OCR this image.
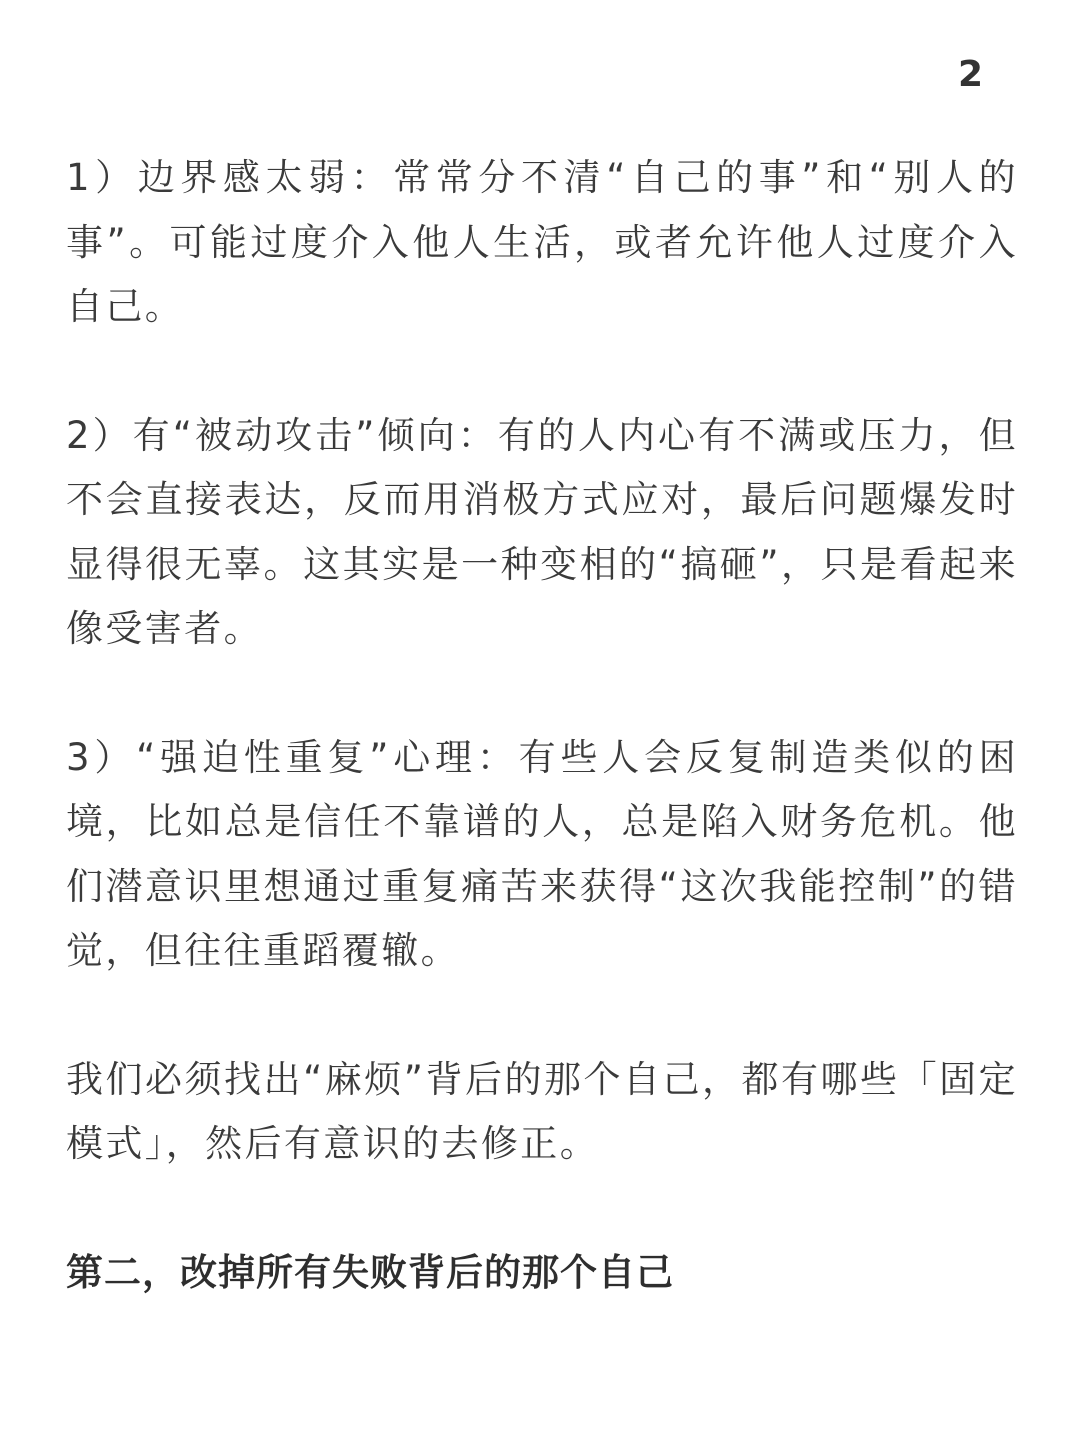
2

1）边界感太弱：常常分不清“自己的事”和“别人的事”。可能过度介入他人生活，或者允许他人过度介入自己。

2）有“被动攻击”倾向：有的人内心有不满或压力，但不会直接表达，反而用消极方式应对，最后问题爆发时显得很无辜。这其实是一种变相的“搞砸”，只是看起来像受害者。

3）“强迫性重复”心理：有些人会反复制造类似的困境，比如总是信任不靠谱的人，总是陷入财务危机。他们潜意识里想通过重复痛苦来获得“这次我能控制”的错觉，但往往重蹈覆辙。

我们必须找出“麻烦”背后的那个自己，都有哪些「固定模式」，然后有意识的去修正。

第二，改掉所有失败背后的那个自己
